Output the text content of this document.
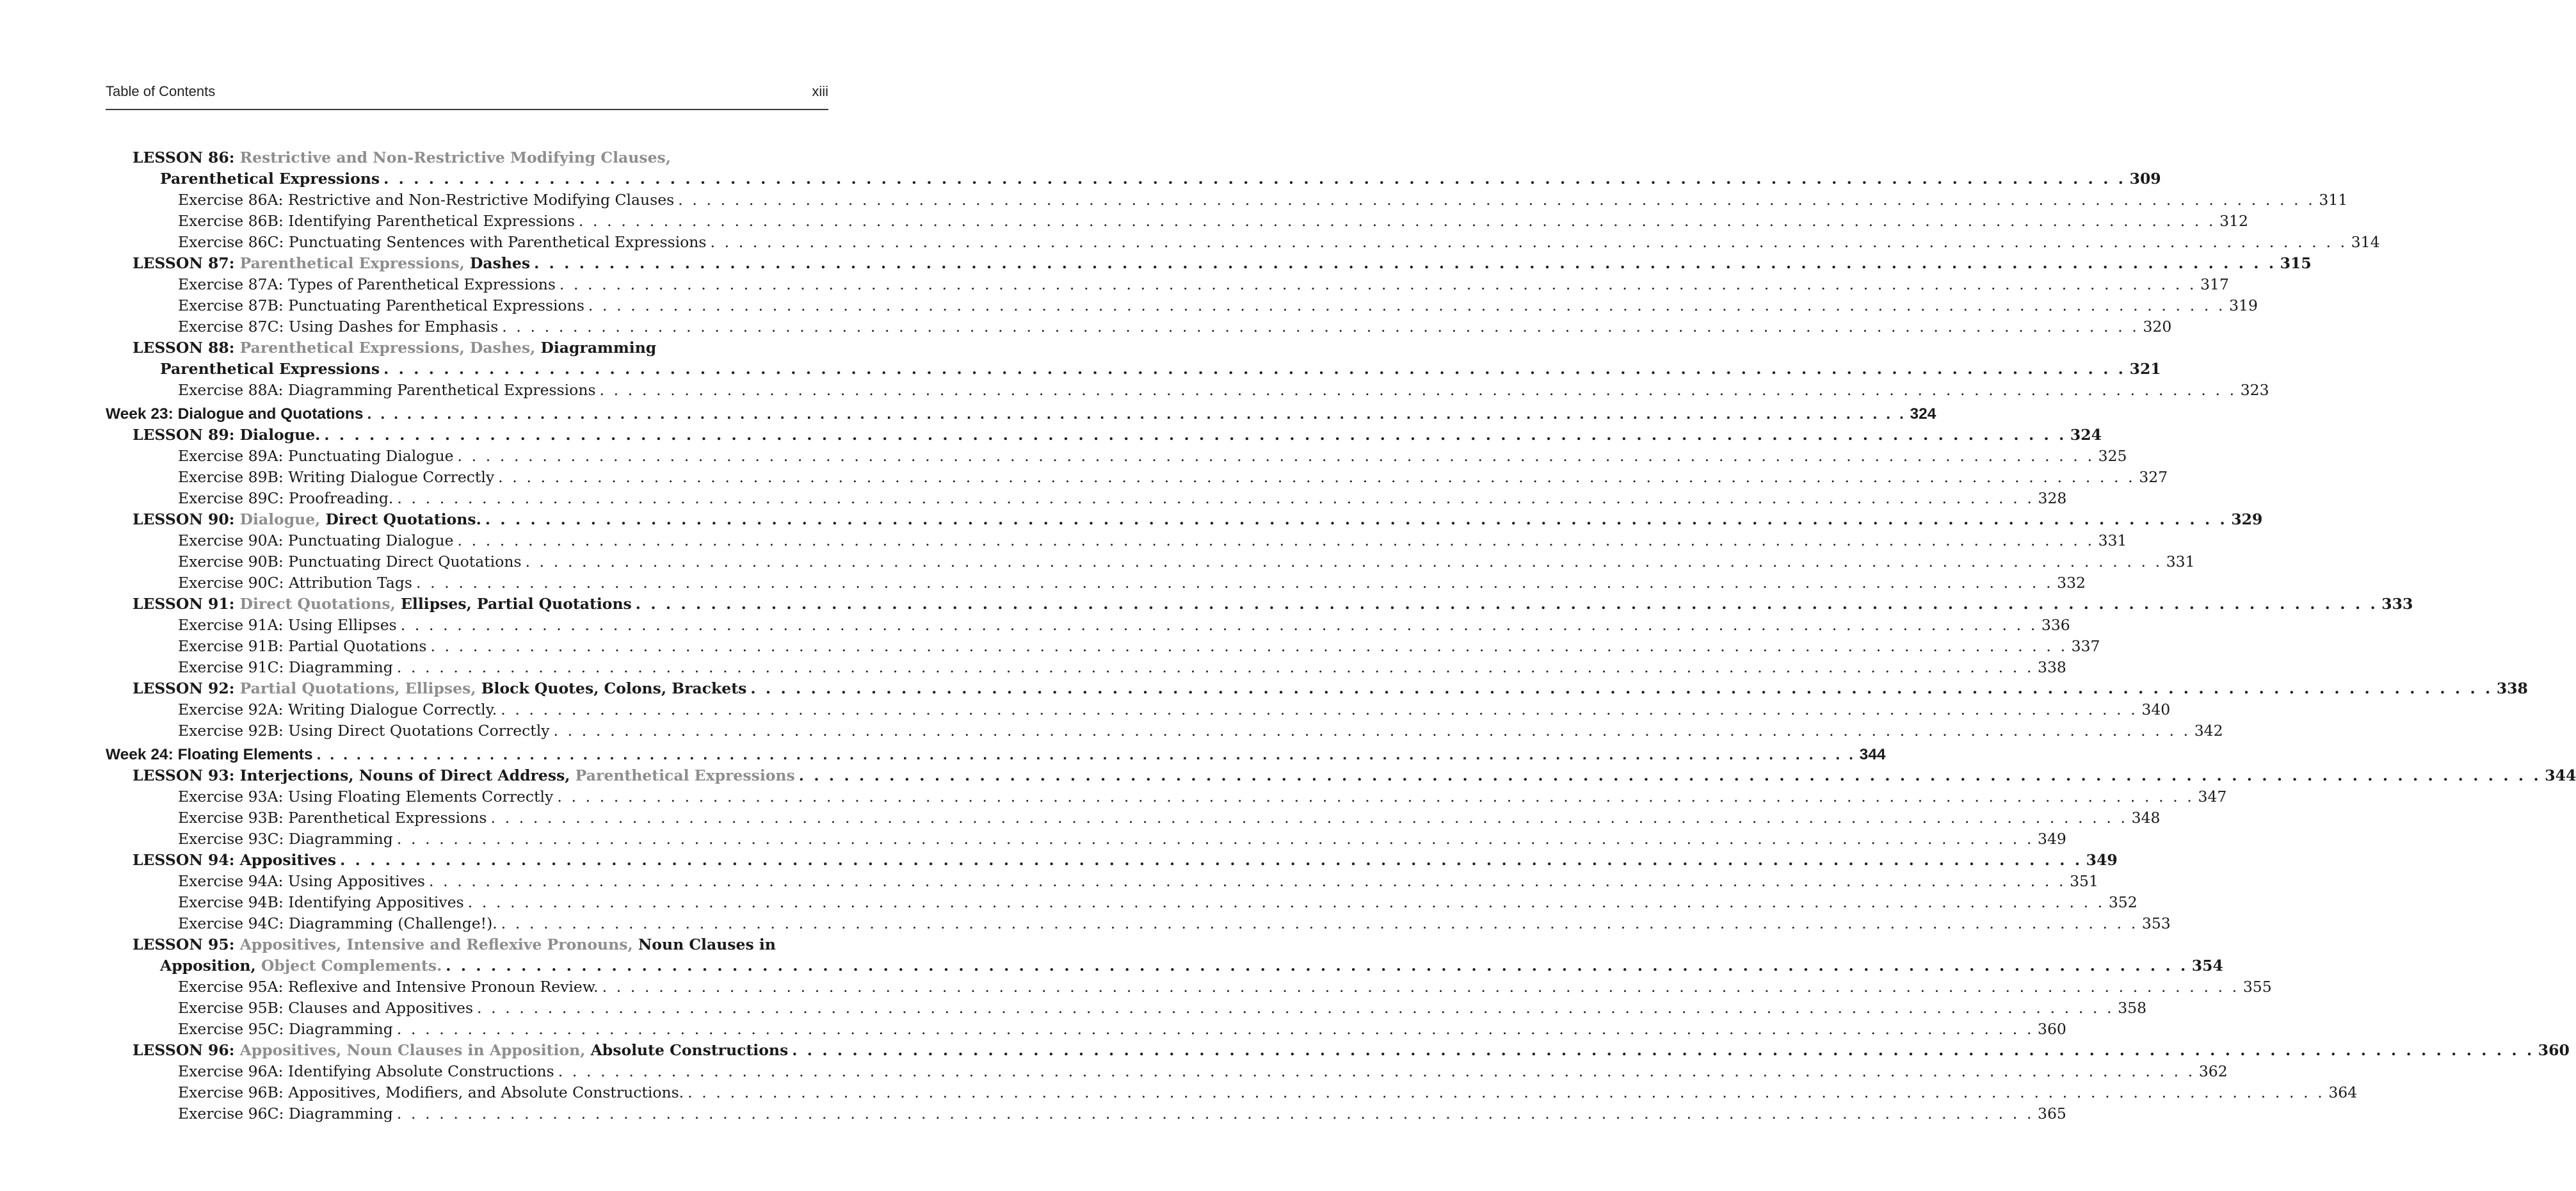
Table of Contents	xiii
LESSON 86: Restrictive and Non-Restrictive Modifying Clauses,
Parenthetical Expressions . . .	309
Exercise 86A: Restrictive and Non-Restrictive Modifying Clauses . . .	311
Exercise 86B: Identifying Parenthetical Expressions . . .	312
Exercise 86C: Punctuating Sentences with Parenthetical Expressions . . .	314
LESSON 87: Parenthetical Expressions, Dashes . . .	315
Exercise 87A: Types of Parenthetical Expressions . . .	317
Exercise 87B: Punctuating Parenthetical Expressions . . .	319
Exercise 87C: Using Dashes for Emphasis . . .	320
LESSON 88: Parenthetical Expressions, Dashes, Diagramming
Parenthetical Expressions . . .	321
Exercise 88A: Diagramming Parenthetical Expressions . . .	323
Week 23: Dialogue and Quotations . . .	324
LESSON 89: Dialogue. . . .	324
Exercise 89A: Punctuating Dialogue . . .	325
Exercise 89B: Writing Dialogue Correctly . . .	327
Exercise 89C: Proofreading. . . .	328
LESSON 90: Dialogue, Direct Quotations. . . .	329
Exercise 90A: Punctuating Dialogue . . .	331
Exercise 90B: Punctuating Direct Quotations . . .	331
Exercise 90C: Attribution Tags . . .	332
LESSON 91: Direct Quotations, Ellipses, Partial Quotations . . .	333
Exercise 91A: Using Ellipses . . .	336
Exercise 91B: Partial Quotations . . .	337
Exercise 91C: Diagramming . . .	338
LESSON 92: Partial Quotations, Ellipses, Block Quotes, Colons, Brackets . . .	338
Exercise 92A: Writing Dialogue Correctly. . . .	340
Exercise 92B: Using Direct Quotations Correctly . . .	342
Week 24: Floating Elements . . .	344
LESSON 93: Interjections, Nouns of Direct Address, Parenthetical Expressions . . .	344
Exercise 93A: Using Floating Elements Correctly . . .	347
Exercise 93B: Parenthetical Expressions . . .	348
Exercise 93C: Diagramming . . .	349
LESSON 94: Appositives . . .	349
Exercise 94A: Using Appositives . . .	351
Exercise 94B: Identifying Appositives . . .	352
Exercise 94C: Diagramming (Challenge!). . . .	353
LESSON 95: Appositives, Intensive and Reflexive Pronouns, Noun Clauses in
Apposition, Object Complements. . . .	354
Exercise 95A: Reflexive and Intensive Pronoun Review. . . .	355
Exercise 95B: Clauses and Appositives . . .	358
Exercise 95C: Diagramming . . .	360
LESSON 96: Appositives, Noun Clauses in Apposition, Absolute Constructions . . .	360
Exercise 96A: Identifying Absolute Constructions . . .	362
Exercise 96B: Appositives, Modifiers, and Absolute Constructions. . . .	364
Exercise 96C: Diagramming . . .	365
